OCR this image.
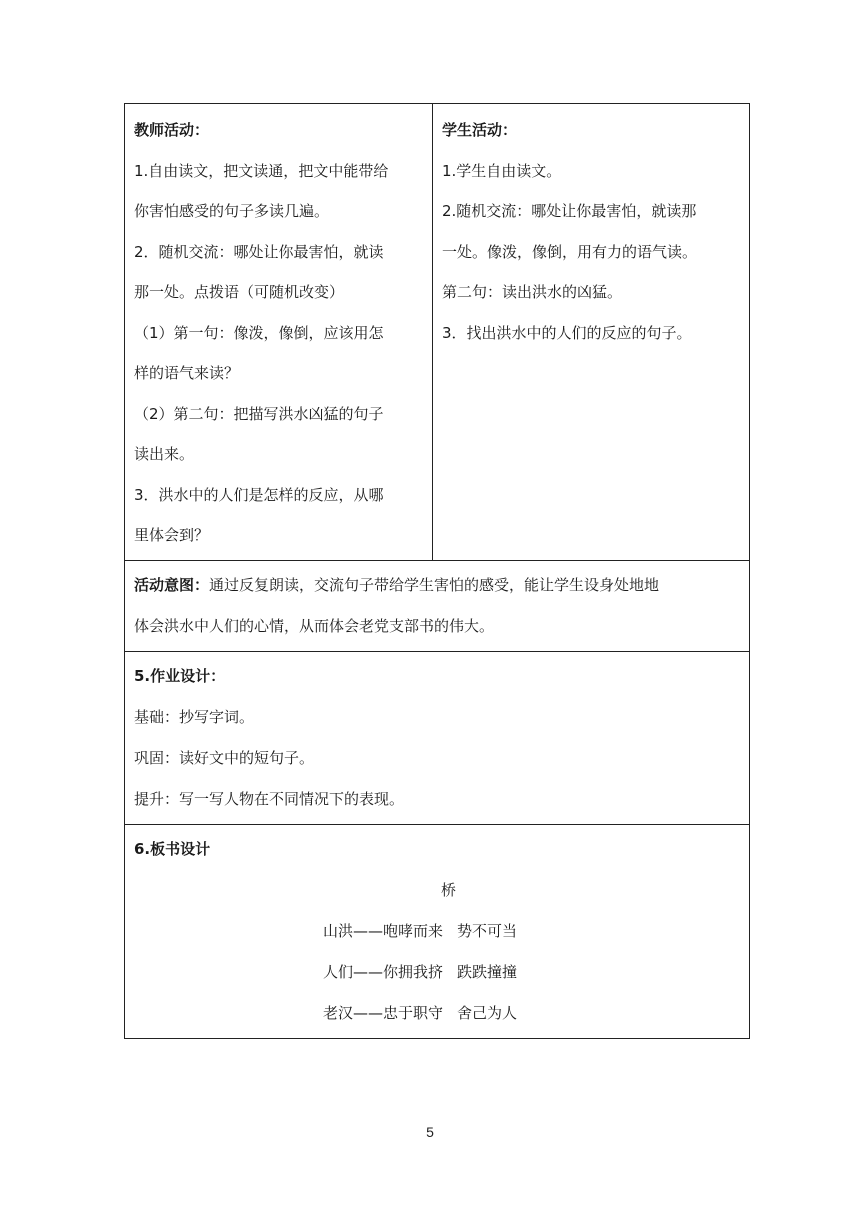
教师活动：
1.自由读文，把文读通，把文中能带给
你害怕感受的句子多读几遍。
2．随机交流：哪处让你最害怕，就读
那一处。点拨语（可随机改变）
（1）第一句：像泼，像倒，应该用怎
样的语气来读？
（2）第二句：把描写洪水凶猛的句子
读出来。
3．洪水中的人们是怎样的反应，从哪
里体会到？

学生活动：
1.学生自由读文。
2.随机交流：哪处让你最害怕，就读那
一处。像泼，像倒，用有力的语气读。
第二句：读出洪水的凶猛。
3．找出洪水中的人们的反应的句子。

活动意图：通过反复朗读，交流句子带给学生害怕的感受，能让学生设身处地地
体会洪水中人们的心情，从而体会老党支部书的伟大。

5.作业设计：
基础：抄写字词。
巩固：读好文中的短句子。
提升：写一写人物在不同情况下的表现。

6.板书设计
桥
山洪——咆哮而来 势不可当
人们——你拥我挤 跌跌撞撞
老汉——忠于职守 舍己为人
5
